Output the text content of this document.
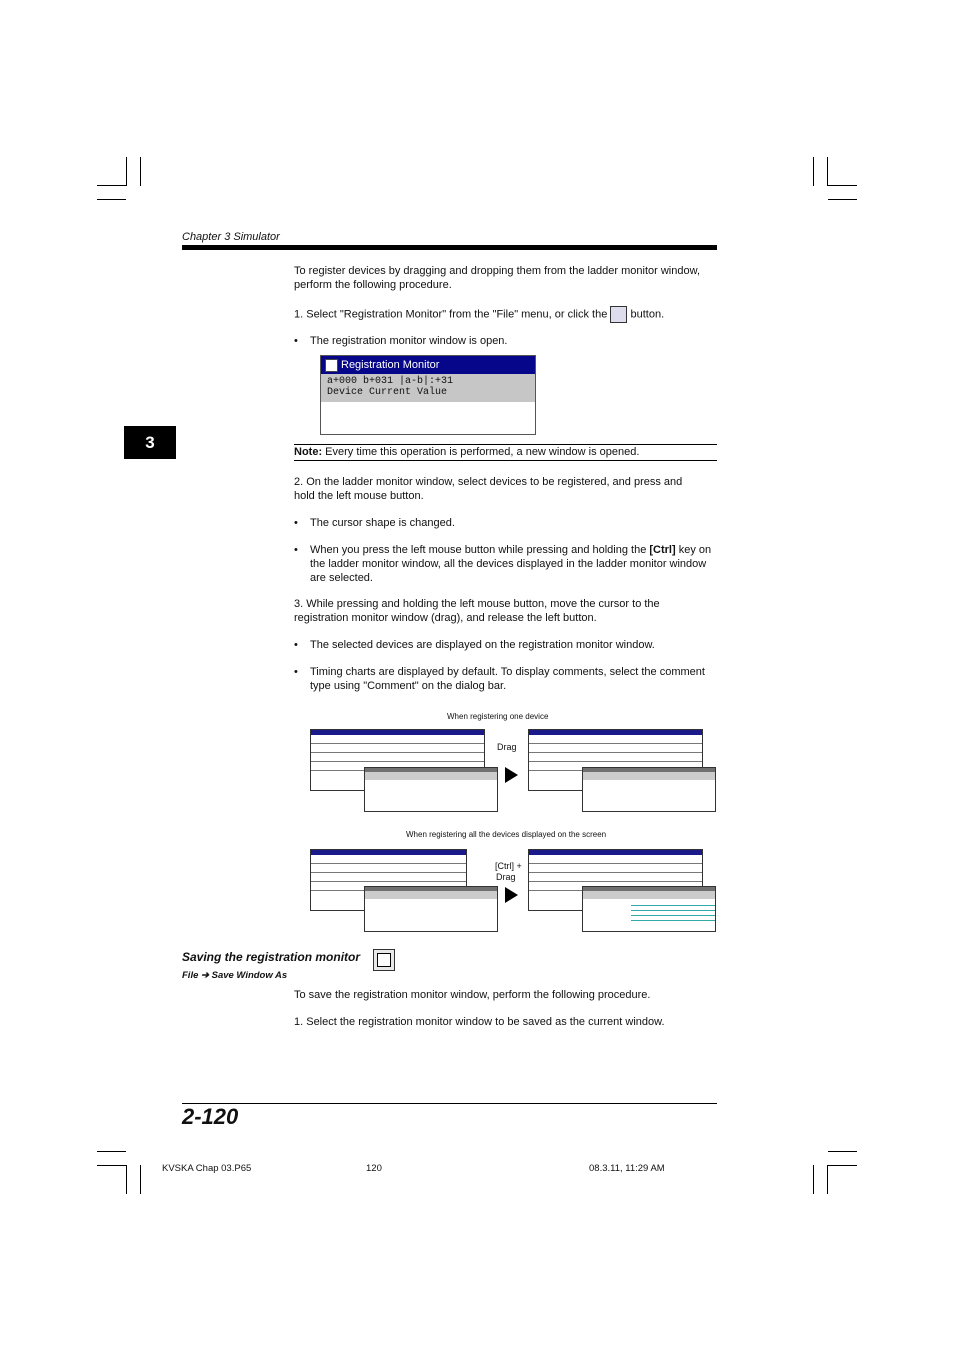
Chapter 3 Simulator
3
To register devices by dragging and dropping them from the ladder monitor window, perform the following procedure.
1. Select "Registration Monitor" from the "File" menu, or click the button.
• The registration monitor window is open.
Registration Monitor
a+000 b+031 |a-b|:+31
Device Current Value
Note: Every time this operation is performed, a new window is opened.
2. On the ladder monitor window, select devices to be registered, and press and hold the left mouse button.
• The cursor shape is changed.
• When you press the left mouse button while pressing and holding the [Ctrl] key on the ladder monitor window, all the devices displayed in the ladder monitor window are selected.
3. While pressing and holding the left mouse button, move the cursor to the registration monitor window (drag), and release the left button.
• The selected devices are displayed on the registration monitor window.
• Timing charts are displayed by default. To display comments, select the comment type using "Comment" on the dialog bar.
When registering one device
Drag
When registering all the devices displayed on the screen
[Ctrl] +
Drag
Saving the registration monitor
File ➔ Save Window As
To save the registration monitor window, perform the following procedure.
1. Select the registration monitor window to be saved as the current window.
2-120
KVSKA Chap 03.P65	120	08.3.11, 11:29 AM
